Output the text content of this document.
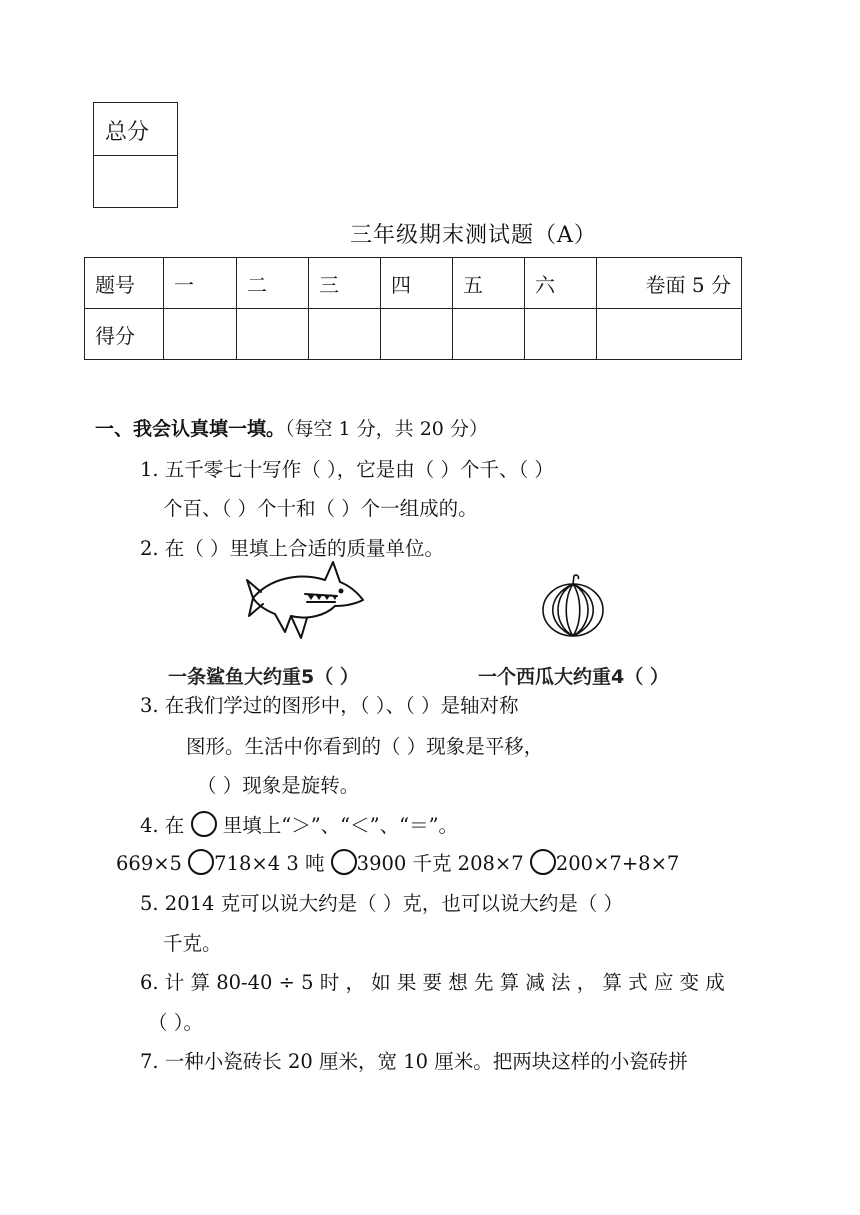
总分
三年级期末测试题（A）
题号	一	二	三	四	五	六	卷面 5 分
得分							
一、我会认真填一填。（每空 1 分，共 20 分）
1. 五千零七十写作（ ），它是由（ ）个千、（ ）
个百、（ ）个十和（ ）个一组成的。
2. 在（ ）里填上合适的质量单位。
一条鲨鱼大约重5（ ）	一个西瓜大约重4（ ）
3. 在我们学过的图形中，（ ）、（ ）是轴对称
图形。生活中你看到的（ ）现象是平移，
（ ）现象是旋转。
4. 在 里填上“＞”、“＜”、“＝”。
669×5 718×4 3 吨 3900 千克 208×7 200×7+8×7
5. 2014 克可以说大约是（ ）克，也可以说大约是（ ）
千克。
6. 计 算 80-40 ÷ 5 时 ， 如 果 要 想 先 算 减 法 ， 算 式 应 变 成
（ ）。
7. 一种小瓷砖长 20 厘米，宽 10 厘米。把两块这样的小瓷砖拼
